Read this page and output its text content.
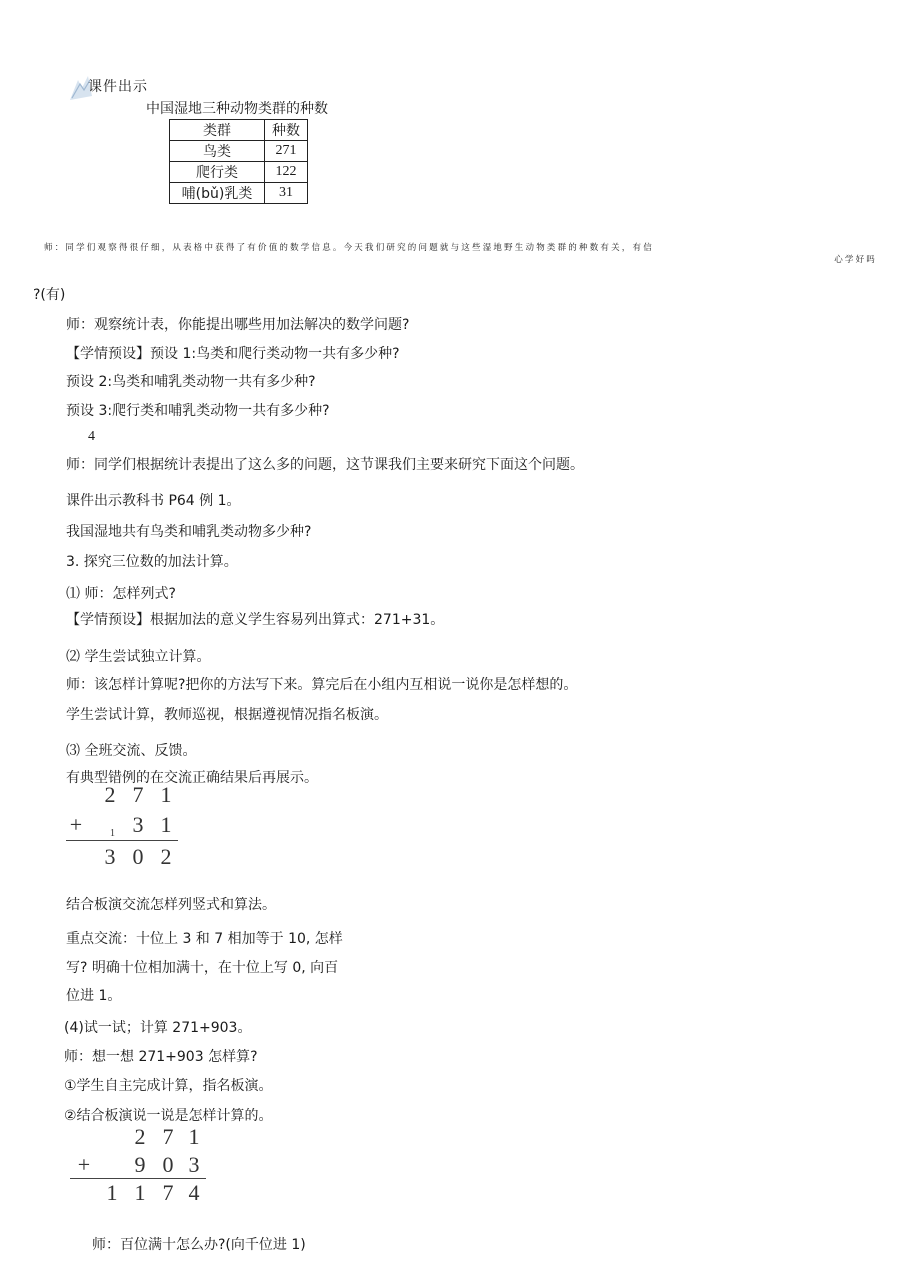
课件出示
中国湿地三种动物类群的种数
类群	种数
鸟类	271
爬行类	122
哺(bǔ)乳类	31
师：同学们观察得很仔细，从表格中获得了有价值的数学信息。今天我们研究的问题就与这些湿地野生动物类群的种数有关，有信
心学好吗
?(有)
师：观察统计表，你能提出哪些用加法解决的数学问题?
【学情预设】预设 1:鸟类和爬行类动物一共有多少种?
预设 2:鸟类和哺乳类动物一共有多少种?
预设 3:爬行类和哺乳类动物一共有多少种?
4
师：同学们根据统计表提出了这么多的问题，这节课我们主要来研究下面这个问题。
课件出示教科书 P64 例 1。
我国湿地共有鸟类和哺乳类动物多少种?
3. 探究三位数的加法计算。
⑴ 师：怎样列式?
【学情预设】根据加法的意义学生容易列出算式：271+31。
⑵ 学生尝试独立计算。
师：该怎样计算呢?把你的方法写下来。算完后在小组内互相说一说你是怎样想的。
学生尝试计算，教师巡视，根据遵视情况指名板演。
⑶ 全班交流、反馈。
有典型错例的在交流正确结果后再展示。
2 7 1
+	1 3 1
3 0 2
结合板演交流怎样列竖式和算法。
重点交流：十位上 3 和 7 相加等于 10, 怎样
写? 明确十位相加满十，在十位上写 0, 向百
位进 1。
(4)试一试；计算 271+903。
师：想一想 271+903 怎样算?
①学生自主完成计算，指名板演。
②结合板演说一说是怎样计算的。
2 7 1
+ 9 0 3
1 1 7 4
师：百位满十怎么办?(向千位进 1)
